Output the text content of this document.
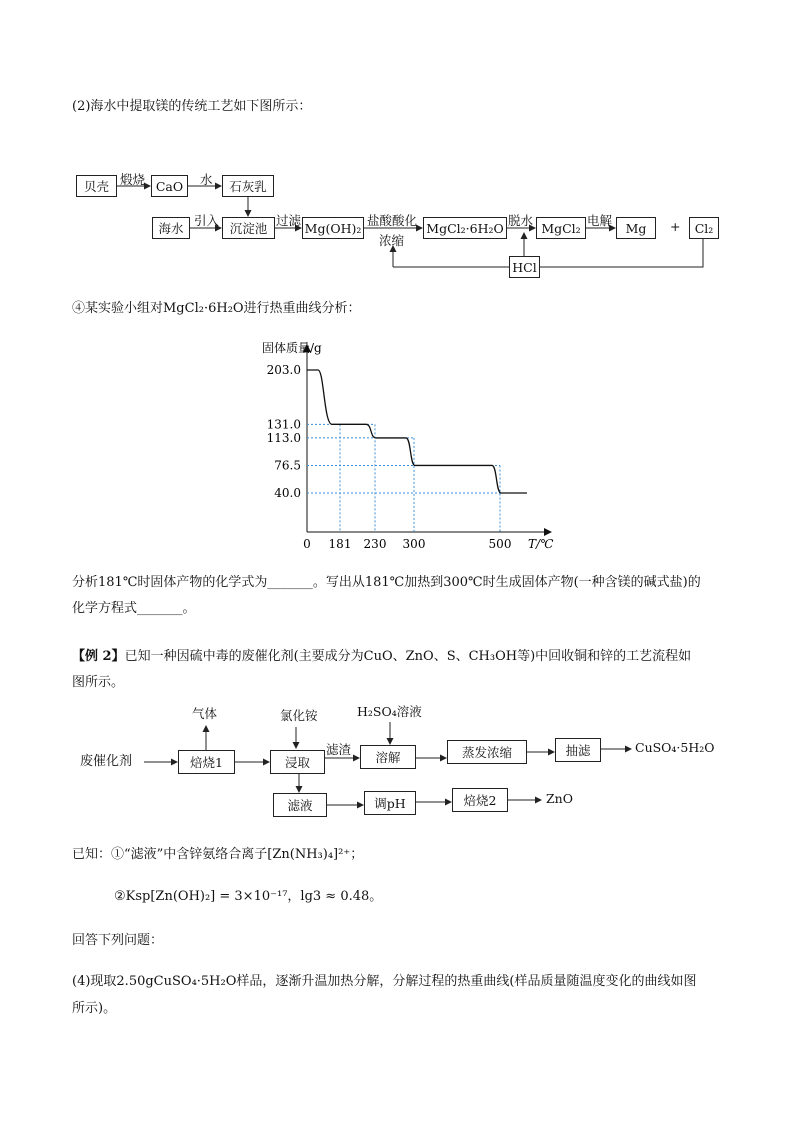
(2)海水中提取镁的传统工艺如下图所示：
贝壳 煅烧 CaO	水	石灰乳
海水
引入
沉淀池
过滤 Mg(OH)₂ 盐酸酸化
浓缩
MgCl₂·6H₂O 脱水 MgCl₂ 电解	Mg	+	Cl₂
HCl
④某实验小组对MgCl₂·6H₂O进行热重曲线分析：
203.0
131.0
113.0
76.5
40.0
0 181 230 300	500
固体质量/g
T/℃
分析181℃时固体产物的化学式为_______。写出从181℃加热到300℃时生成固体产物(一种含镁的碱式盐)的
化学方程式_______。
【例 2】已知一种因硫中毒的废催化剂(主要成分为CuO、ZnO、S、CH₃OH等)中回收铜和锌的工艺流程如
图所示。
废催化剂
气体
焙烧1
氯化铵
浸取
滤渣
H₂SO₄溶液
溶解	蒸发浓缩	抽滤	CuSO₄·5H₂O
滤液	调pH	焙烧2	ZnO
已知：①“滤液”中含锌氨络合离子[Zn(NH₃)₄]²⁺；
②Ksp[Zn(OH)₂] = 3×10⁻¹⁷，lg3 ≈ 0.48。
回答下列问题：
(4)现取2.50gCuSO₄·5H₂O样品，逐渐升温加热分解，分解过程的热重曲线(样品质量随温度变化的曲线如图
所示)。
